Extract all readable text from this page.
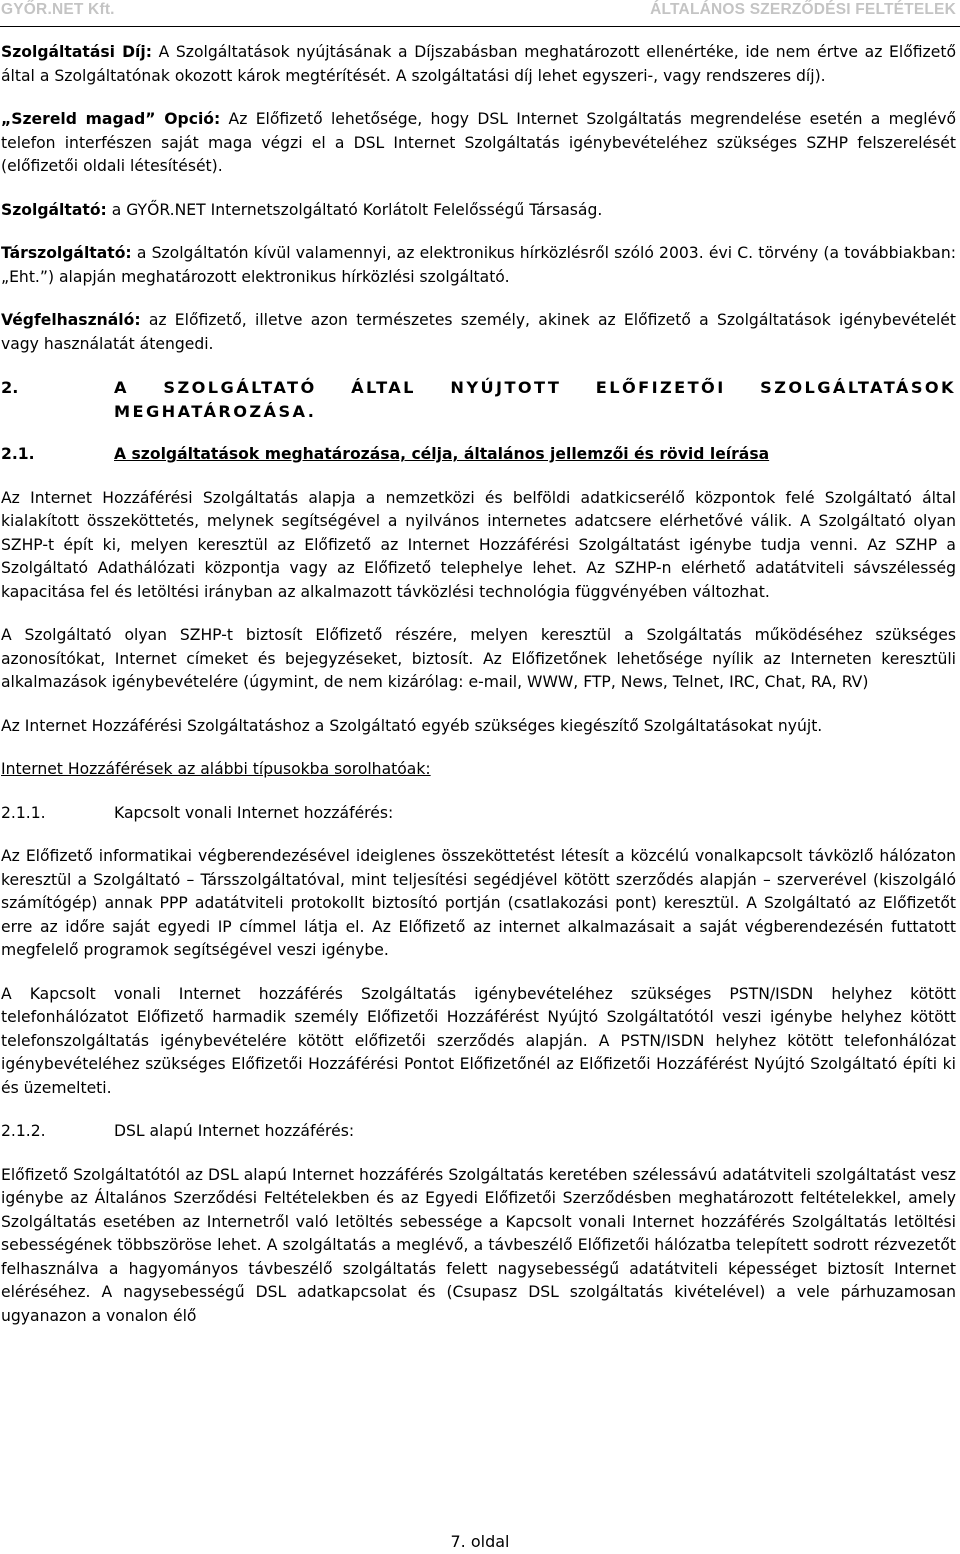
GYŐR.NET Kft.	ÁLTALÁNOS SZERZŐDÉSI FELTÉTELEK

Szolgáltatási Díj: A Szolgáltatások nyújtásának a Díjszabásban meghatározott ellenértéke, ide nem értve az Előfizető által a Szolgáltatónak okozott károk megtérítését. A szolgáltatási díj lehet egyszeri-, vagy rendszeres díj).

„Szereld magad” Opció: Az Előfizető lehetősége, hogy DSL Internet Szolgáltatás megrendelése esetén a meglévő telefon interfészen saját maga végzi el a DSL Internet Szolgáltatás igénybevételéhez szükséges SZHP felszerelését (előfizetői oldali létesítését).

Szolgáltató: a GYŐR.NET Internetszolgáltató Korlátolt Felelősségű Társaság.

Társzolgáltató: a Szolgáltatón kívül valamennyi, az elektronikus hírközlésről szóló 2003. évi C. törvény (a továbbiakban: „Eht.”) alapján meghatározott elektronikus hírközlési szolgáltató.

Végfelhasználó: az Előfizető, illetve azon természetes személy, akinek az Előfizető a Szolgáltatások igénybevételét vagy használatát átengedi.

2.	A SZOLGÁLTATÓ ÁLTAL NYÚJTOTT ELŐFIZETŐI SZOLGÁLTATÁSOK MEGHATÁROZÁSA.
2.1.	A szolgáltatások meghatározása, célja, általános jellemzői és rövid leírása

Az Internet Hozzáférési Szolgáltatás alapja a nemzetközi és belföldi adatkicserélő központok felé Szolgáltató által kialakított összeköttetés, melynek segítségével a nyilvános internetes adatcsere elérhetővé válik. A Szolgáltató olyan SZHP-t épít ki, melyen keresztül az Előfizető az Internet Hozzáférési Szolgáltatást igénybe tudja venni. Az SZHP a Szolgáltató Adathálózati központja vagy az Előfizető telephelye lehet. Az SZHP-n elérhető adatátviteli sávszélesség kapacitása fel és letöltési irányban az alkalmazott távközlési technológia függvényében változhat.

A Szolgáltató olyan SZHP-t biztosít Előfizető részére, melyen keresztül a Szolgáltatás működéséhez szükséges azonosítókat, Internet címeket és bejegyzéseket, biztosít. Az Előfizetőnek lehetősége nyílik az Interneten keresztüli alkalmazások igénybevételére (úgymint, de nem kizárólag: e-mail, WWW, FTP, News, Telnet, IRC, Chat, RA, RV)

Az Internet Hozzáférési Szolgáltatáshoz a Szolgáltató egyéb szükséges kiegészítő Szolgáltatásokat nyújt.

Internet Hozzáférések az alábbi típusokba sorolhatóak:

2.1.1.	Kapcsolt vonali Internet hozzáférés:

Az Előfizető informatikai végberendezésével ideiglenes összeköttetést létesít a közcélú vonalkapcsolt távközlő hálózaton keresztül a Szolgáltató – Társszolgáltatóval, mint teljesítési segédjével kötött szerződés alapján – szerverével (kiszolgáló számítógép) annak PPP adatátviteli protokollt biztosító portján (csatlakozási pont) keresztül. A Szolgáltató az Előfizetőt erre az időre saját egyedi IP címmel látja el. Az Előfizető az internet alkalmazásait a saját végberendezésén futtatott megfelelő programok segítségével veszi igénybe.

A Kapcsolt vonali Internet hozzáférés Szolgáltatás igénybevételéhez szükséges PSTN/ISDN helyhez kötött telefonhálózatot Előfizető harmadik személy Előfizetői Hozzáférést Nyújtó Szolgáltatótól veszi igénybe helyhez kötött telefonszolgáltatás igénybevételére kötött előfizetői szerződés alapján. A PSTN/ISDN helyhez kötött telefonhálózat igénybevételéhez szükséges Előfizetői Hozzáférési Pontot Előfizetőnél az Előfizetői Hozzáférést Nyújtó Szolgáltató építi ki és üzemelteti.

2.1.2.	DSL alapú Internet hozzáférés:

Előfizető Szolgáltatótól az DSL alapú Internet hozzáférés Szolgáltatás keretében szélessávú adatátviteli szolgáltatást vesz igénybe az Általános Szerződési Feltételekben és az Egyedi Előfizetői Szerződésben meghatározott feltételekkel, amely Szolgáltatás esetében az Internetről való letöltés sebessége a Kapcsolt vonali Internet hozzáférés Szolgáltatás letöltési sebességének többszöröse lehet. A szolgáltatás a meglévő, a távbeszélő Előfizetői hálózatba telepített sodrott rézvezetőt felhasználva a hagyományos távbeszélő szolgáltatás felett nagysebességű adatátviteli képességet biztosít Internet eléréséhez. A nagysebességű DSL adatkapcsolat és (Csupasz DSL szolgáltatás kivételével) a vele párhuzamosan ugyanazon a vonalon élő

7. oldal
